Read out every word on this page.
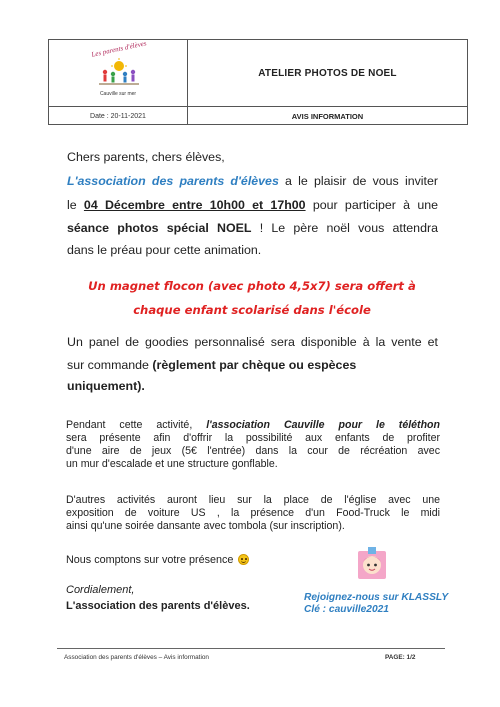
Les parents d'élèves
Cauville sur mer
ATELIER PHOTOS DE NOEL
Date : 20-11-2021	AVIS INFORMATION
Chers parents, chers élèves,
L'association des parents d'élèves a le plaisir de vous inviter
le 04 Décembre entre 10h00 et 17h00 pour participer à une
séance photos spécial NOEL ! Le père noël vous attendra
dans le préau pour cette animation.
Un magnet flocon (avec photo 4,5x7) sera offert à
chaque enfant scolarisé dans l'école
Un panel de goodies personnalisé sera disponible à la vente et
sur commande (règlement par chèque ou espèces
uniquement).
Pendant cette activité, l'association Cauville pour le téléthon
sera présente afin d'offrir la possibilité aux enfants de profiter
d'une aire de jeux (5€ l'entrée) dans la cour de récréation avec
un mur d'escalade et une structure gonflable.
D'autres activités auront lieu sur la place de l'église avec une
exposition de voiture US , la présence d'un Food-Truck le midi
ainsi qu'une soirée dansante avec tombola (sur inscription).
Nous comptons sur votre présence
Cordialement,
L'association des parents d'élèves.
Rejoignez-nous sur KLASSLY
Clé : cauville2021
Association des parents d'élèves – Avis information	PAGE: 1/2
